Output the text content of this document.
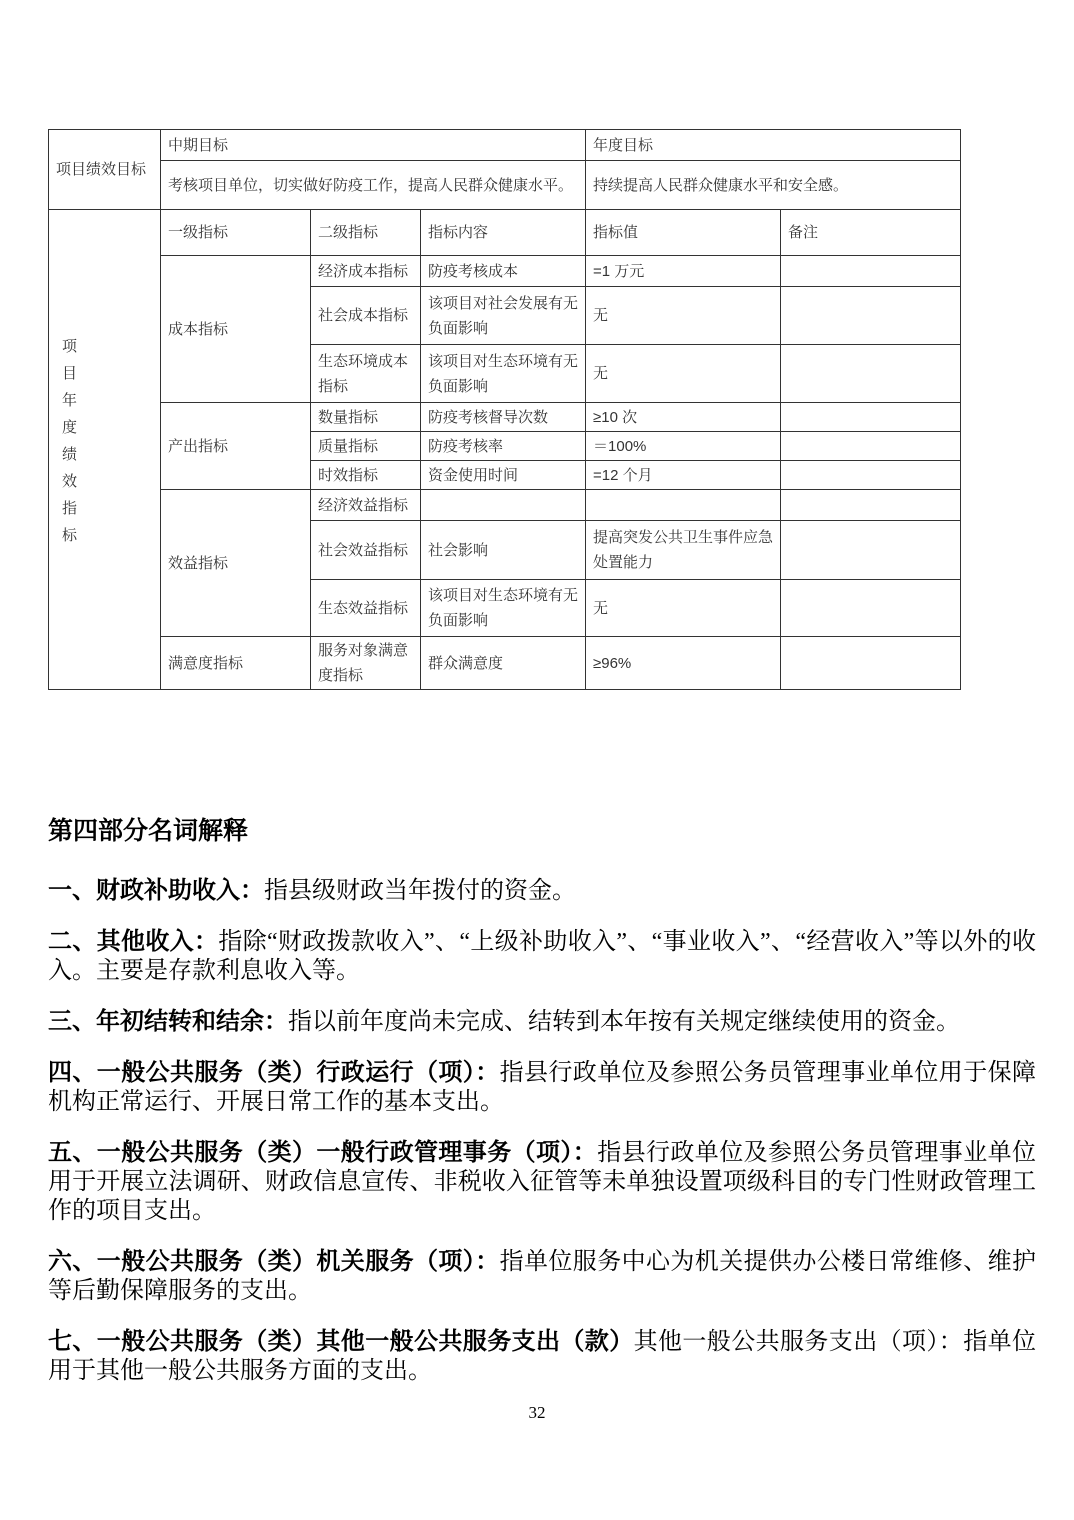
项目绩效目标	中期目标			年度目标	
	考核项目单位，切实做好防疫工作，提高人民群众健康水平。			持续提高人民群众健康水平和安全感。	
项目年度绩效指标	一级指标	二级指标	指标内容	指标值	备注
	成本指标	经济成本指标	防疫考核成本	=1 万元	
		社会成本指标	该项目对社会发展有无负面影响	无	
		生态环境成本指标	该项目对生态环境有无负面影响	无	
	产出指标	数量指标	防疫考核督导次数	≥10 次	
		质量指标	防疫考核率	＝100%	
		时效指标	资金使用时间	=12 个月	
	效益指标	经济效益指标			
		社会效益指标	社会影响	提高突发公共卫生事件应急处置能力	
		生态效益指标	该项目对生态环境有无负面影响	无	
	满意度指标	服务对象满意度指标	群众满意度	≥96%	
第四部分名词解释

一、财政补助收入：指县级财政当年拨付的资金。

二、其他收入：指除“财政拨款收入”、“上级补助收入”、“事业收入”、“经营收入”等以外的收入。主要是存款利息收入等。

三、年初结转和结余：指以前年度尚未完成、结转到本年按有关规定继续使用的资金。

四、一般公共服务（类）行政运行（项）：指县行政单位及参照公务员管理事业单位用于保障机构正常运行、开展日常工作的基本支出。

五、一般公共服务（类）一般行政管理事务（项）：指县行政单位及参照公务员管理事业单位用于开展立法调研、财政信息宣传、非税收入征管等未单独设置项级科目的专门性财政管理工作的项目支出。

六、一般公共服务（类）机关服务（项）：指单位服务中心为机关提供办公楼日常维修、维护等后勤保障服务的支出。

七、一般公共服务（类）其他一般公共服务支出（款）其他一般公共服务支出（项）：指单位用于其他一般公共服务方面的支出。

32
